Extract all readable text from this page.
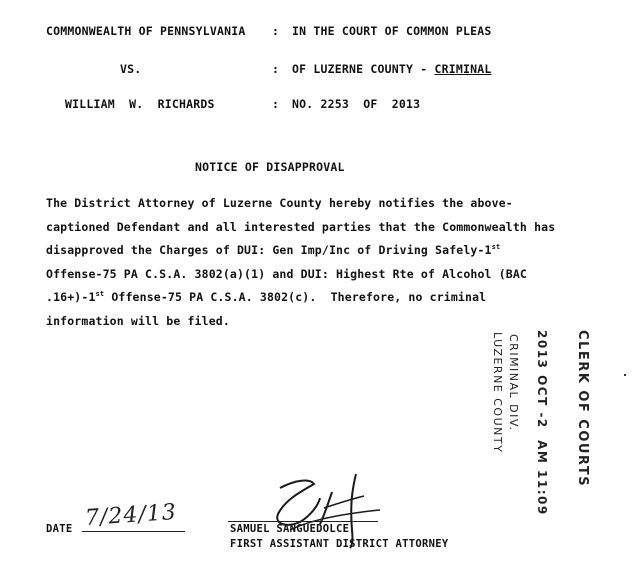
COMMONWEALTH OF PENNSYLVANIA : IN THE COURT OF COMMON PLEAS
VS.	: OF LUZERNE COUNTY - CRIMINAL
WILLIAM  W.  RICHARDS	: NO. 2253  OF  2013
NOTICE OF DISAPPROVAL
The District Attorney of Luzerne County hereby notifies the above-
captioned Defendant and all interested parties that the Commonwealth has
disapproved the Charges of DUI: Gen Imp/Inc of Driving Safely-1st
Offense-75 PA C.S.A. 3802(a)(1) and DUI: Highest Rte of Alcohol (BAC
.16+)-1st Offense-75 PA C.S.A. 3802(c).  Therefore, no criminal
information will be filed.
CLERK OF COURTS
2013 OCT -2  AM 11:09
CRIMINAL DIV.
LUZERNE COUNTY
DATE 7/24/13	SAMUEL SANGUEDOLCE
FIRST ASSISTANT DISTRICT ATTORNEY
